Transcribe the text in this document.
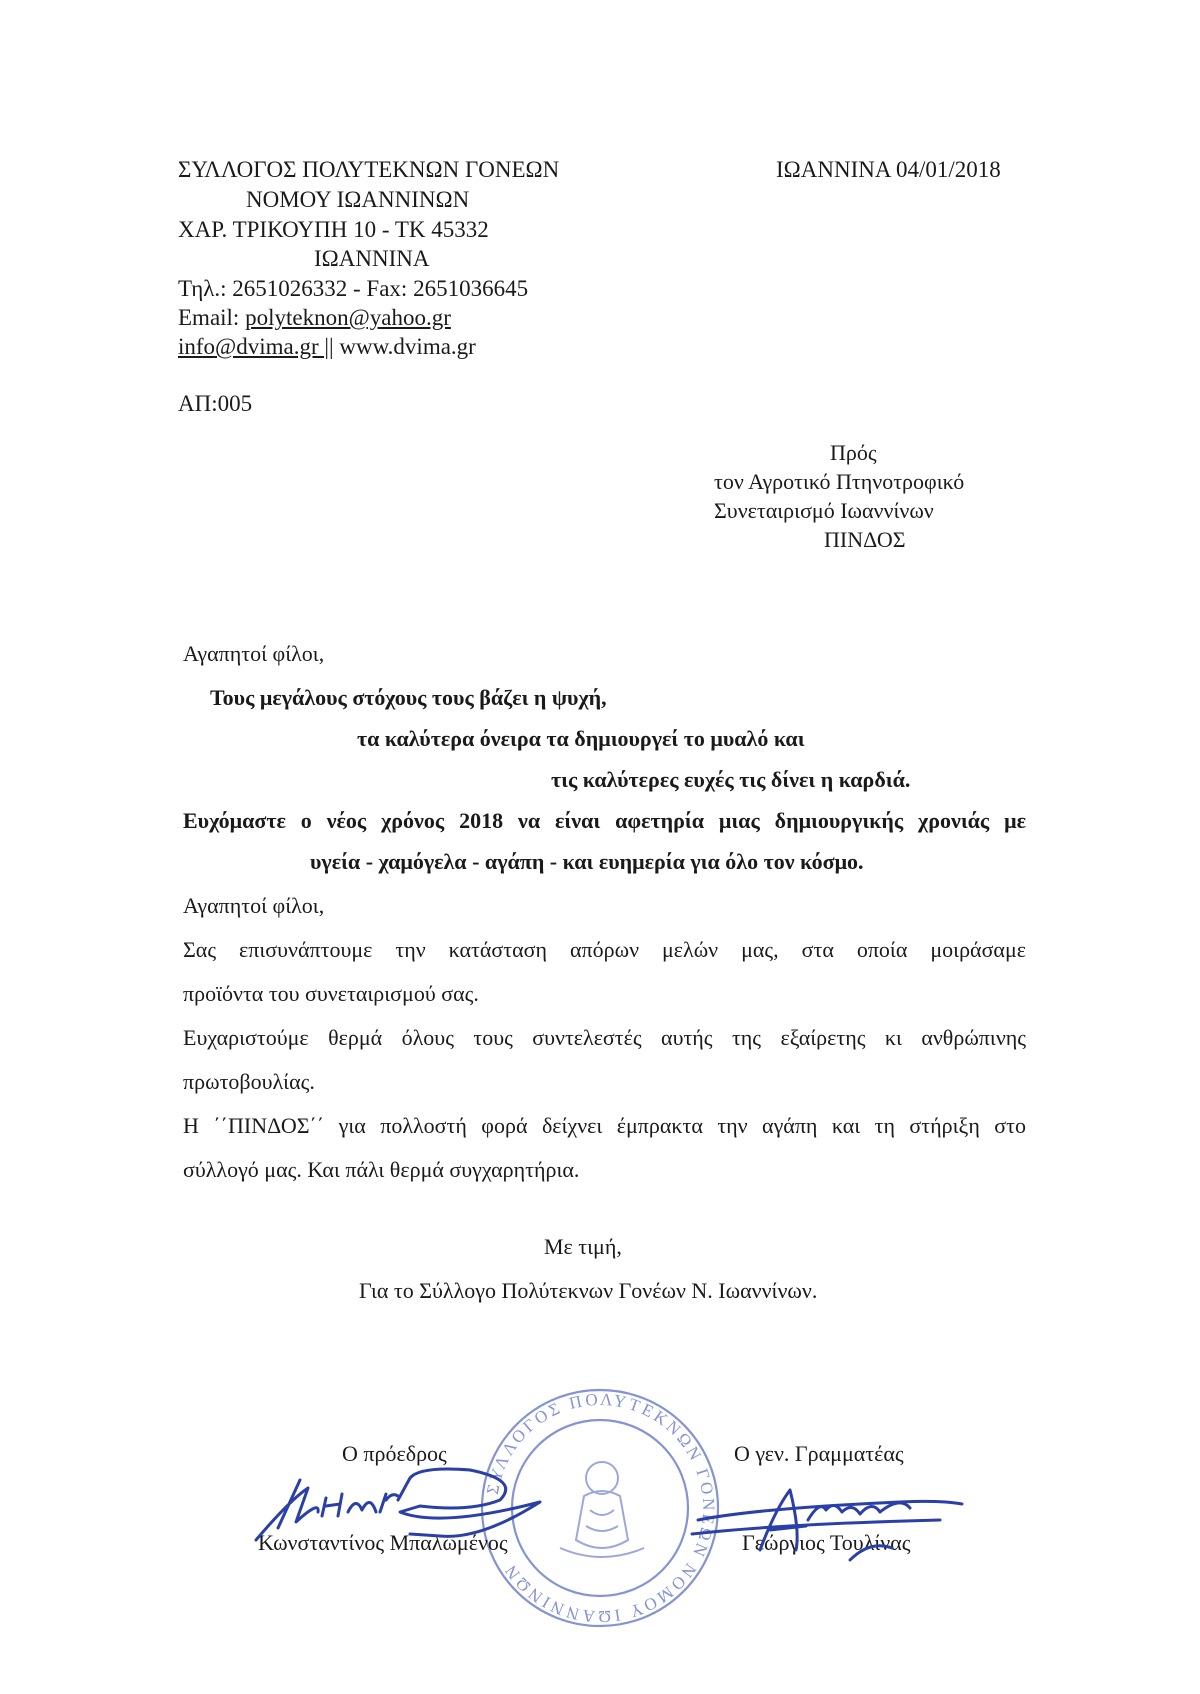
ΣΥΛΛΟΓΟΣ ΠΟΛΥΤΕΚΝΩΝ ΓΟΝΕΩΝ
ΝΟΜΟΥ ΙΩΑΝΝΙΝΩΝ
ΧΑΡ. ΤΡΙΚΟΥΠΗ 10 - ΤΚ 45332
ΙΩΑΝΝΙΝΑ
Τηλ.: 2651026332 - Fax: 2651036645
Email: polyteknon@yahoo.gr
info@dvima.gr || www.dvima.gr
ΙΩΑΝΝΙΝΑ 04/01/2018
ΑΠ:005
Πρός
τον Αγροτικό Πτηνοτροφικό
Συνεταιρισμό Ιωαννίνων
ΠΙΝΔΟΣ
Αγαπητοί φίλοι,
Τους μεγάλους στόχους τους βάζει η ψυχή,
τα καλύτερα όνειρα τα δημιουργεί το μυαλό και
τις καλύτερες ευχές τις δίνει η καρδιά.
Ευχόμαστε ο νέος χρόνος 2018 να είναι αφετηρία μιας δημιουργικής χρονιάς με
υγεία - χαμόγελα - αγάπη - και ευημερία για όλο τον κόσμο.
Αγαπητοί φίλοι,
Σας επισυνάπτουμε την κατάσταση απόρων μελών μας, στα οποία μοιράσαμε
προϊόντα του συνεταιρισμού σας.
Ευχαριστούμε θερμά όλους τους συντελεστές αυτής της εξαίρετης κι ανθρώπινης
πρωτοβουλίας.
Η ΄΄ΠΙΝΔΟΣ΄΄ για πολλοστή φορά δείχνει έμπρακτα την αγάπη και τη στήριξη στο
σύλλογό μας. Και πάλι θερμά συγχαρητήρια.
Με τιμή,
Για το Σύλλογο Πολύτεκνων Γονέων Ν. Ιωαννίνων.
ΣΥΛΛΟΓΟΣ ΠΟΛΥΤΕΚΝΩΝ ΓΟΝΕΩΝ ΝΟΜΟΥ ΙΩΑΝΝΙΝΩΝ
Ο πρόεδρος
Κωνσταντίνος Μπαλωμένος
Ο γεν. Γραμματέας
Γεώργιος Τουλίνας
